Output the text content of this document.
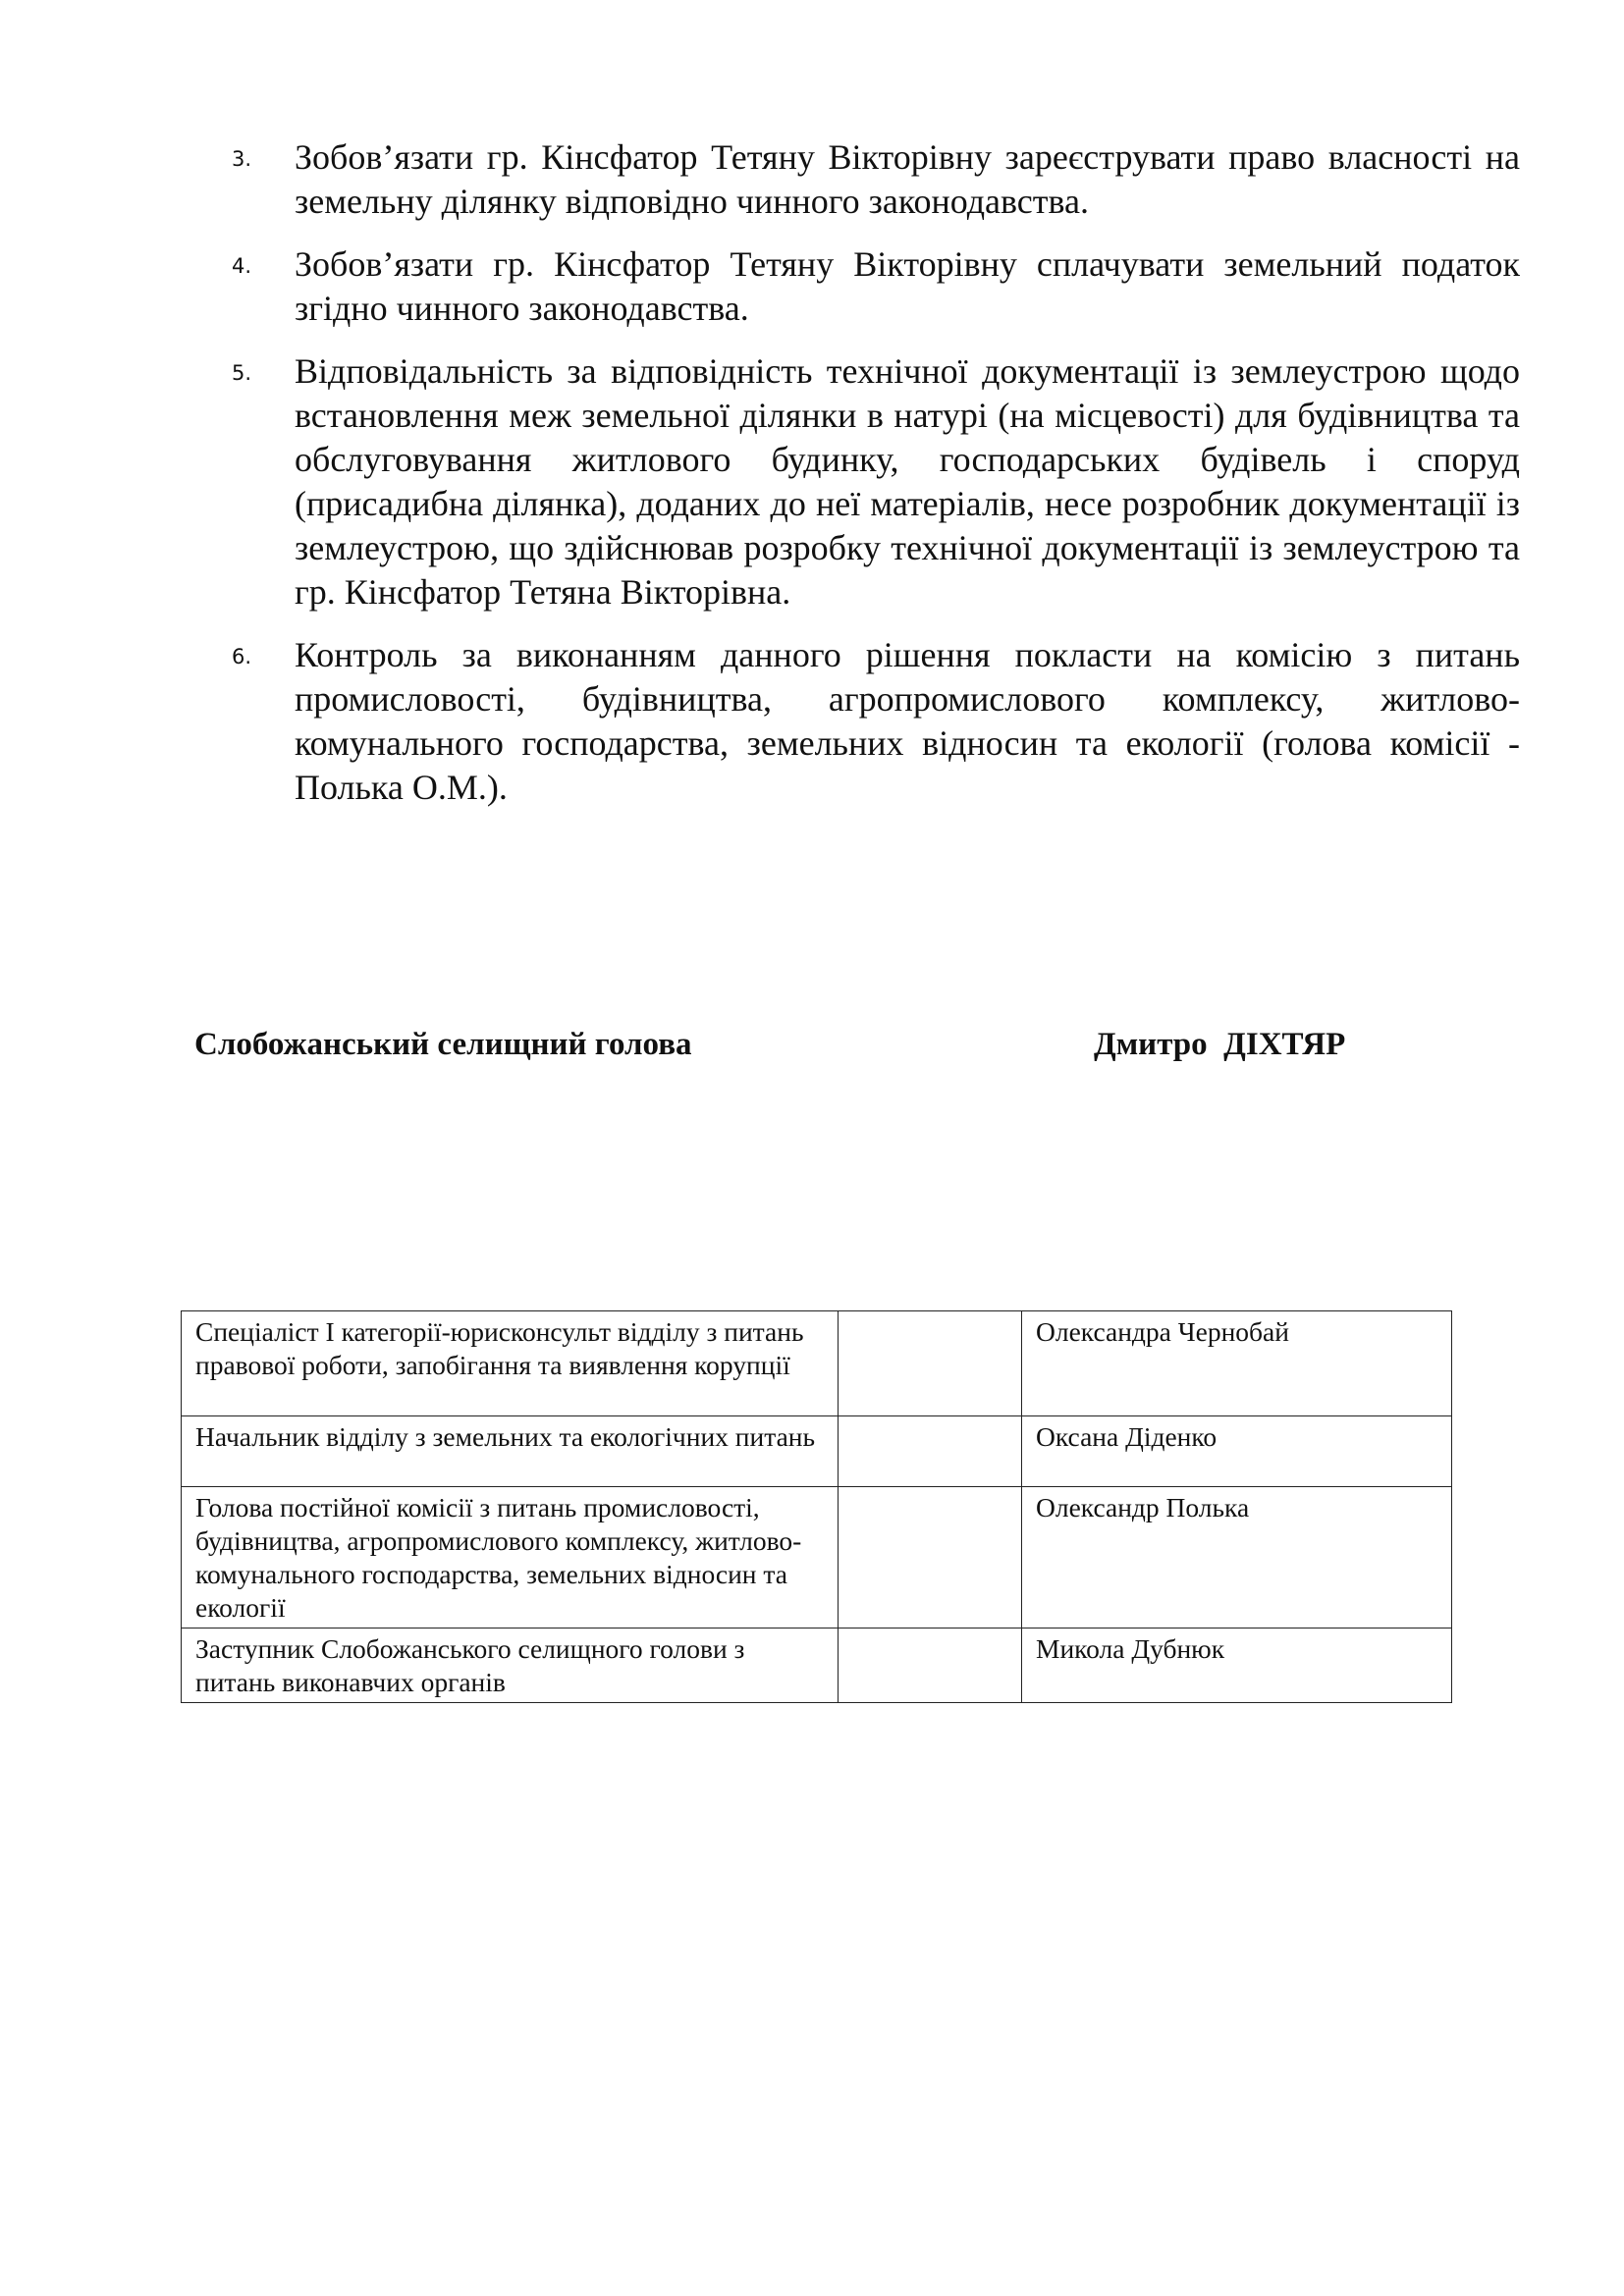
3.	Зобов’язати гр. Кінсфатор Тетяну Вікторівну зареєструвати право власності на земельну ділянку відповідно чинного законодавства.
4.	Зобов’язати гр. Кінсфатор Тетяну Вікторівну сплачувати земельний податок згідно чинного законодавства.
5.	Відповідальність за відповідність технічної документації із землеустрою щодо встановлення меж земельної ділянки в натурі (на місцевості) для будівництва та обслуговування житлового будинку, господарських будівель і споруд (присадибна ділянка), доданих до неї матеріалів, несе розробник документації із землеустрою, що здійснював розробку технічної документації із землеустрою та гр. Кінсфатор Тетяна Вікторівна.
6.	Контроль за виконанням данного рішення покласти на комісію з питань промисловості, будівництва, агропромислового комплексу, житлово-комунального господарства, земельних відносин та екології (голова комісії - Полька О.М.).
Слобожанський селищний голова	Дмитро  ДІХТЯР
Спеціаліст І категорії-юрисконсульт відділу з питань правової роботи, запобігання та виявлення корупції		Олександра Чернобай
Начальник відділу з земельних та екологічних питань		Оксана Діденко
Голова постійної комісії з питань промисловості, будівництва, агропромислового комплексу, житлово-комунального господарства, земельних відносин та екології		Олександр Полька
Заступник Слобожанського селищного голови з питань виконавчих органів		Микола Дубнюк
